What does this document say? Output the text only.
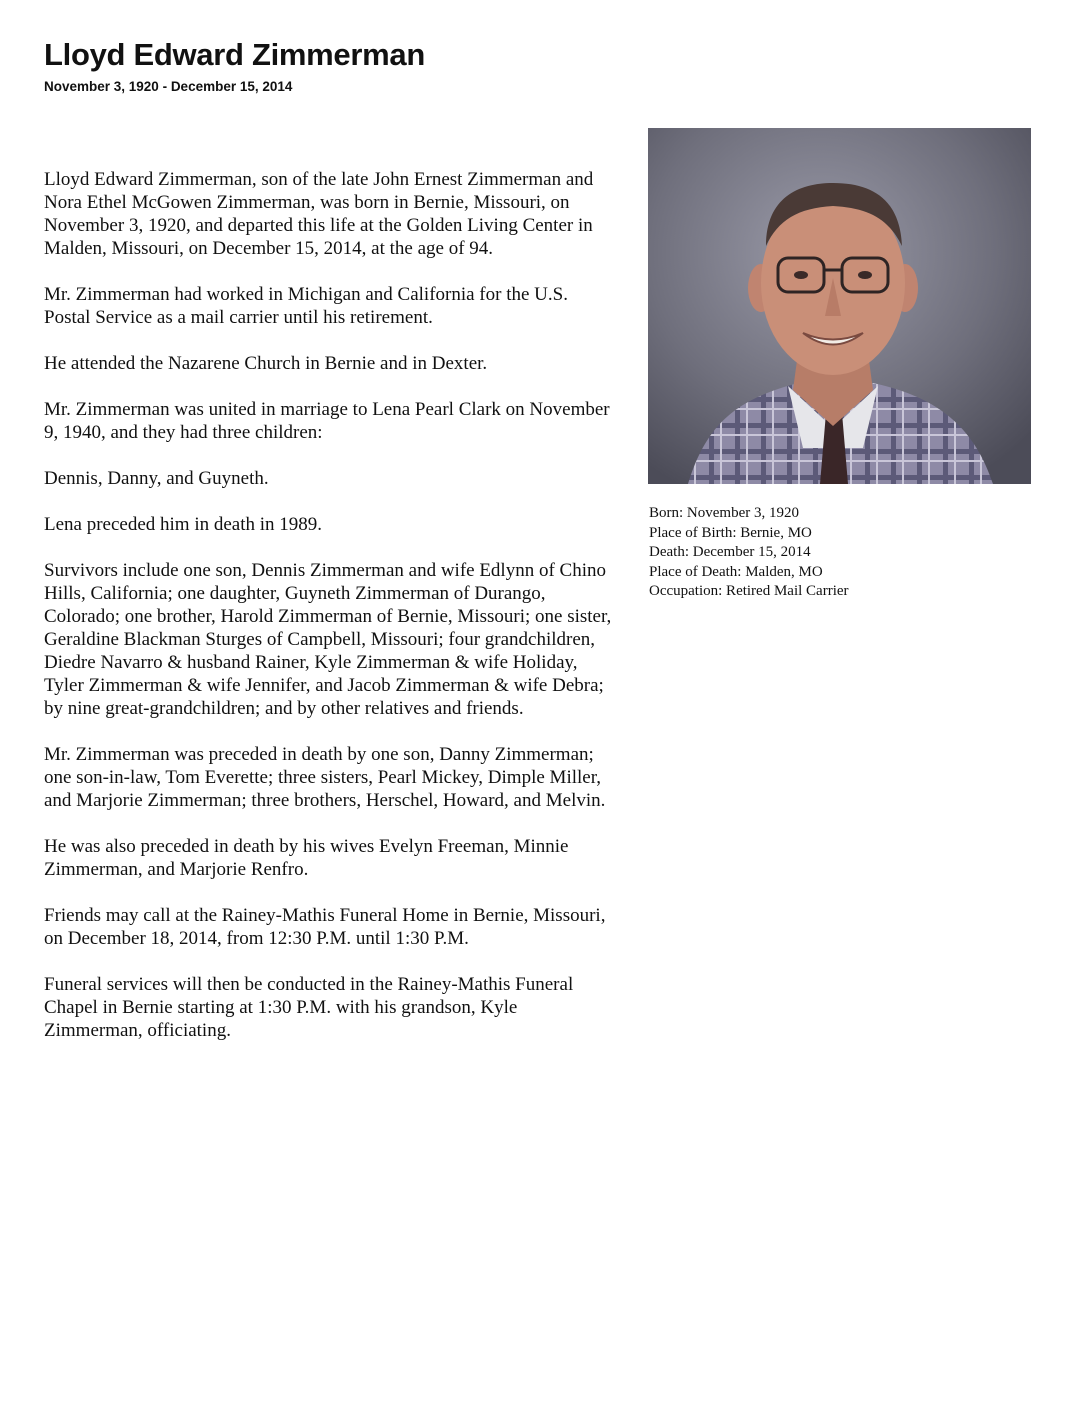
Lloyd Edward Zimmerman
November 3, 1920 - December 15, 2014

Lloyd Edward Zimmerman, son of the late John Ernest Zimmerman and Nora Ethel McGowen Zimmerman, was born in Bernie, Missouri, on November 3, 1920, and departed this life at the Golden Living Center in Malden, Missouri, on December 15, 2014, at the age of 94.

Mr. Zimmerman had worked in Michigan and California for the U.S. Postal Service as a mail carrier until his retirement.

He attended the Nazarene Church in Bernie and in Dexter.

Mr. Zimmerman was united in marriage to Lena Pearl Clark on November 9, 1940, and they had three children:

Dennis, Danny, and Guyneth.

Lena preceded him in death in 1989.

Survivors include one son, Dennis Zimmerman and wife Edlynn of Chino Hills, California; one daughter, Guyneth Zimmerman of Durango, Colorado; one brother, Harold Zimmerman of Bernie, Missouri; one sister, Geraldine Blackman Sturges of Campbell, Missouri; four grandchildren, Diedre Navarro & husband Rainer, Kyle Zimmerman & wife Holiday, Tyler Zimmerman & wife Jennifer, and Jacob Zimmerman & wife Debra; by nine great-grandchildren; and by other relatives and friends.

Mr. Zimmerman was preceded in death by one son, Danny Zimmerman; one son-in-law, Tom Everette; three sisters, Pearl Mickey, Dimple Miller, and Marjorie Zimmerman; three brothers, Herschel, Howard, and Melvin.

He was also preceded in death by his wives Evelyn Freeman, Minnie Zimmerman, and Marjorie Renfro.

Friends may call at the Rainey-Mathis Funeral Home in Bernie, Missouri, on December 18, 2014, from 12:30 P.M. until 1:30 P.M.

Funeral services will then be conducted in the Rainey-Mathis Funeral Chapel in Bernie starting at 1:30 P.M. with his grandson, Kyle Zimmerman, officiating.

Born: November 3, 1920
Place of Birth: Bernie, MO
Death: December 15, 2014
Place of Death: Malden, MO
Occupation: Retired Mail Carrier
